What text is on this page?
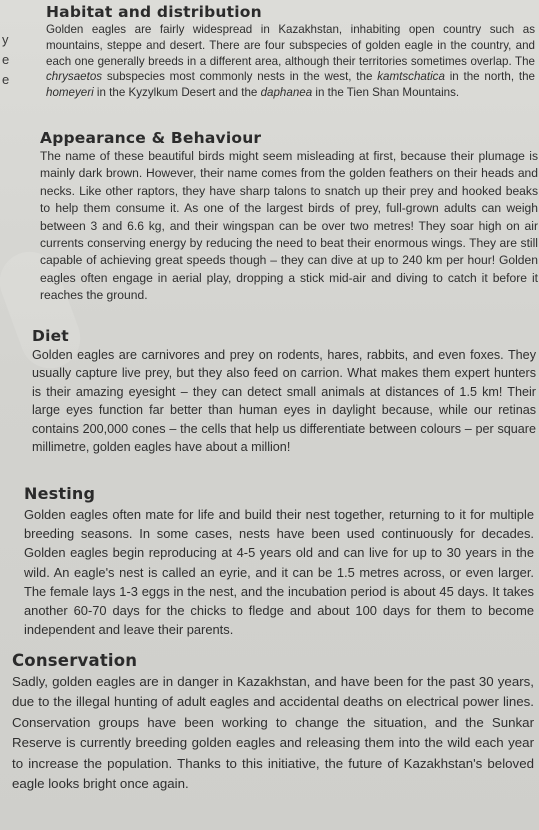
y
e
e
Habitat and distribution

Golden eagles are fairly widespread in Kazakhstan, inhabiting open country such as mountains, steppe and desert. There are four subspecies of golden eagle in the country, and each one generally breeds in a different area, although their territories sometimes overlap. The chrysaetos subspecies most commonly nests in the west, the kamtschatica in the north, the homeyeri in the Kyzylkum Desert and the daphanea in the Tien Shan Mountains.

Appearance & Behaviour

The name of these beautiful birds might seem misleading at first, because their plumage is mainly dark brown. However, their name comes from the golden feathers on their heads and necks. Like other raptors, they have sharp talons to snatch up their prey and hooked beaks to help them consume it. As one of the largest birds of prey, full-grown adults can weigh between 3 and 6.6 kg, and their wingspan can be over two metres! They soar high on air currents conserving energy by reducing the need to beat their enormous wings. They are still capable of achieving great speeds though – they can dive at up to 240 km per hour! Golden eagles often engage in aerial play, dropping a stick mid-air and diving to catch it before it reaches the ground.

Diet

Golden eagles are carnivores and prey on rodents, hares, rabbits, and even foxes. They usually capture live prey, but they also feed on carrion. What makes them expert hunters is their amazing eyesight – they can detect small animals at distances of 1.5 km! Their large eyes function far better than human eyes in daylight because, while our retinas contains 200,000 cones – the cells that help us differentiate between colours – per square millimetre, golden eagles have about a million!

Nesting

Golden eagles often mate for life and build their nest together, returning to it for multiple breeding seasons. In some cases, nests have been used continuously for decades. Golden eagles begin reproducing at 4-5 years old and can live for up to 30 years in the wild. An eagle's nest is called an eyrie, and it can be 1.5 metres across, or even larger. The female lays 1-3 eggs in the nest, and the incubation period is about 45 days. It takes another 60-70 days for the chicks to fledge and about 100 days for them to become independent and leave their parents.

Conservation

Sadly, golden eagles are in danger in Kazakhstan, and have been for the past 30 years, due to the illegal hunting of adult eagles and accidental deaths on electrical power lines. Conservation groups have been working to change the situation, and the Sunkar Reserve is currently breeding golden eagles and releasing them into the wild each year to increase the population. Thanks to this initiative, the future of Kazakhstan's beloved eagle looks bright once again.
